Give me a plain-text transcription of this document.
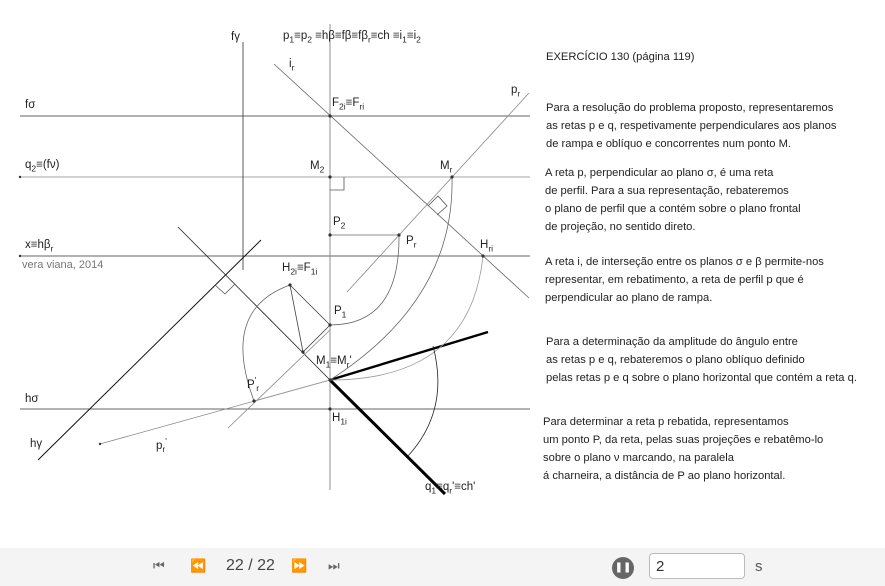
fγ	$p_1\equiv p_2 \equiv h\beta\equiv f\beta\equiv f\beta_r\equiv ch \equiv i_1\equiv i_2$
$i_r$
$p_r$
fσ	$F_{2i}\equiv F_{ri}$
$q_2\equiv(f\nu)$	$M_2$	$M_r$
$P_2$
$P_r$	$H_{ri}$
$x\equiv h\beta_r$
vera viana, 2014	$H_{2i}\equiv F_{1i}$
$P_1$
$M_1\equiv M_r'$
$P'_r$
hσ
$H_{1i}$
hγ	$p_r'$
$q_1\equiv q_r'\equiv ch'$
EXERCÍCIO 130 (página 119)
Para a resolução do problema proposto, representaremos
as retas p e q, respetivamente perpendiculares aos planos
de rampa e oblíquo e concorrentes num ponto M.
A reta p, perpendicular ao plano σ, é uma reta
de perfil. Para a sua representação, rebateremos
o plano de perfil que a contém sobre o plano frontal
de projeção, no sentido direto.
A reta i, de interseção entre os planos σ e β permite-nos
representar, em rebatimento, a reta de perfil p que é
perpendicular ao plano de rampa.
Para a determinação da amplitude do ângulo entre
as retas p e q, rebateremos o plano oblíquo definido
pelas retas p e q sobre o plano horizontal que contém a reta q.
Para determinar a reta p rebatida, representamos
um ponto P, da reta, pelas suas projeções e rebatêmo-lo
sobre o plano ν marcando, na paralela
á charneira, a distância de P ao plano horizontal.
⏮ ⏪ 22 / 22 ⏩ ⏭	❚❚
2	s
